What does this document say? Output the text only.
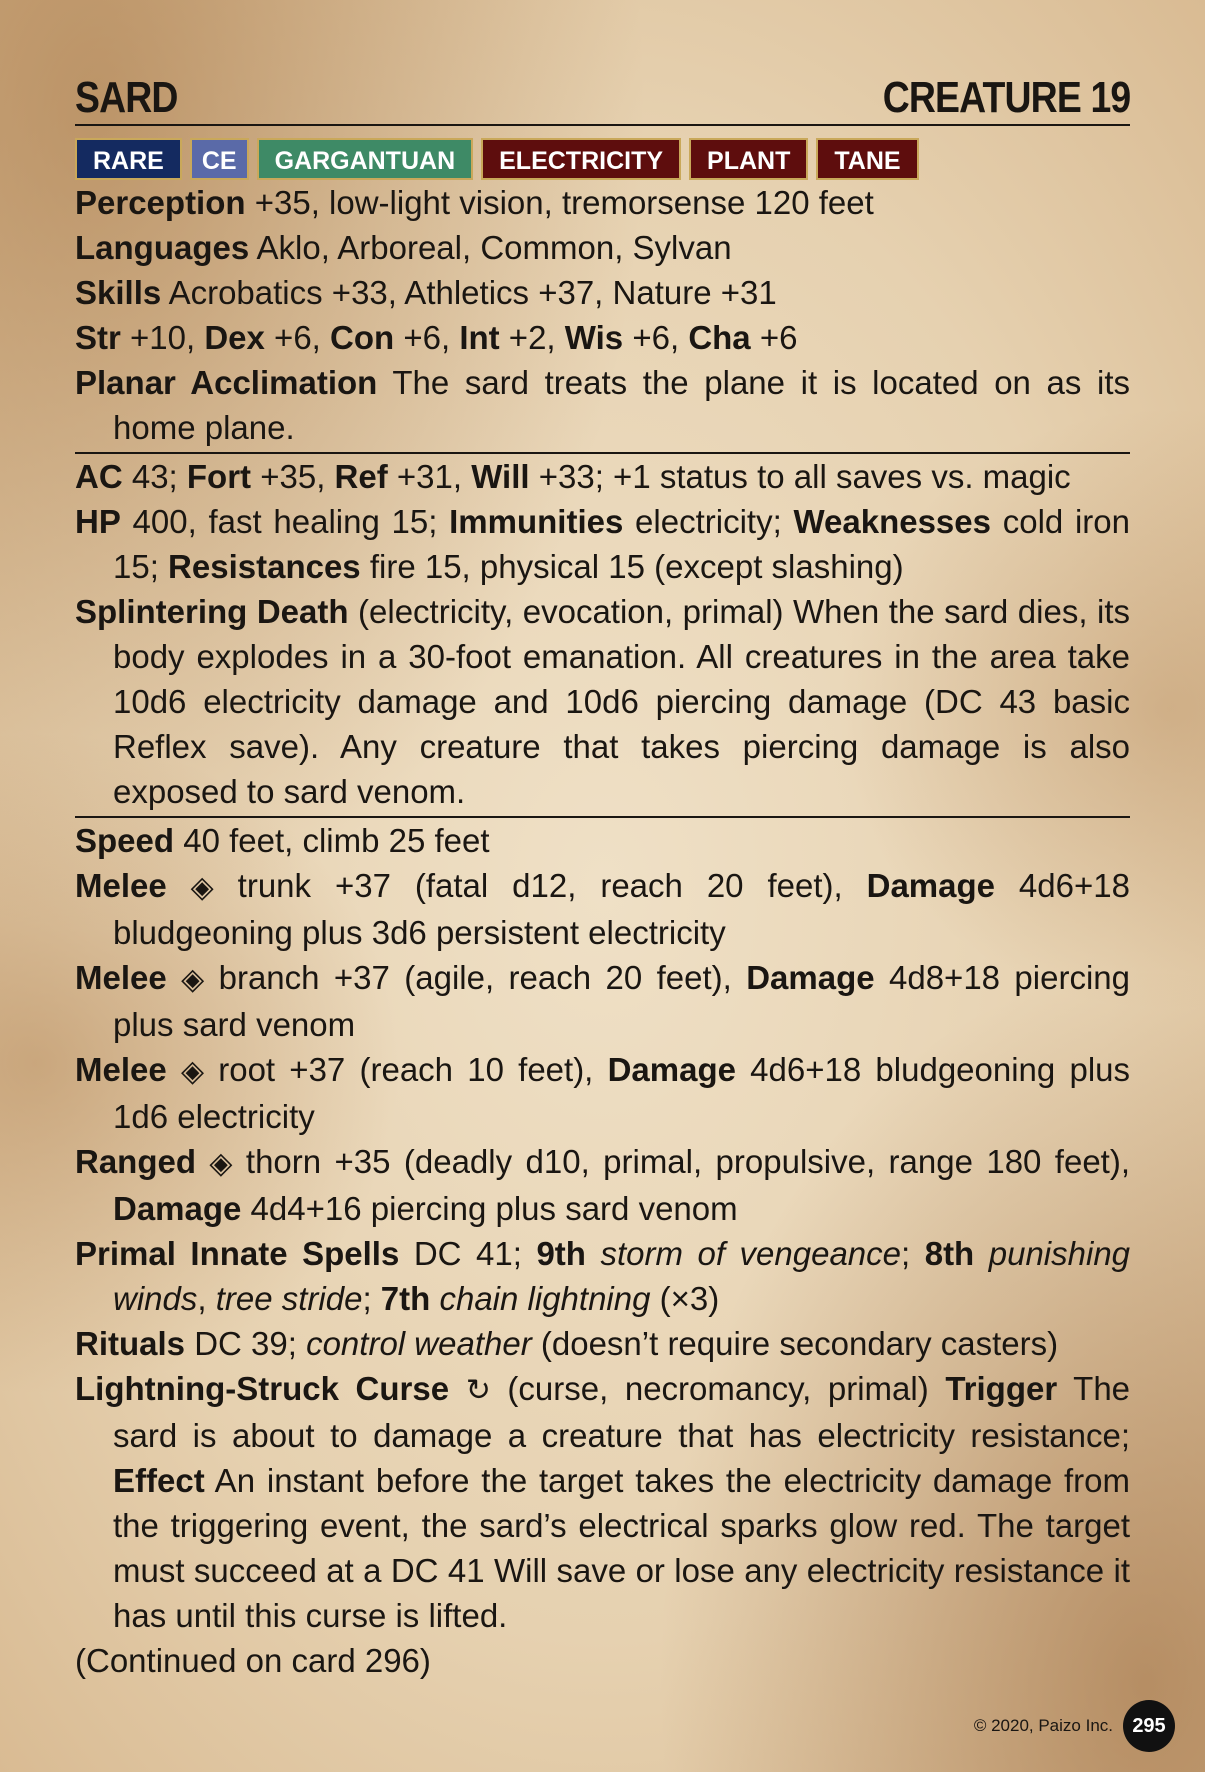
SARD	CREATURE 19
RARE	CE	GARGANTUAN	ELECTRICITY	PLANT	TANE
Perception +35, low-light vision, tremorsense 120 feet
Languages Aklo, Arboreal, Common, Sylvan
Skills Acrobatics +33, Athletics +37, Nature +31
Str +10, Dex +6, Con +6, Int +2, Wis +6, Cha +6
Planar Acclimation The sard treats the plane it is located on as its home plane.
AC 43; Fort +35, Ref +31, Will +33; +1 status to all saves vs. magic
HP 400, fast healing 15; Immunities electricity; Weaknesses cold iron 15; Resistances fire 15, physical 15 (except slashing)
Splintering Death (electricity, evocation, primal) When the sard dies, its body explodes in a 30-foot emanation. All creatures in the area take 10d6 electricity damage and 10d6 piercing damage (DC 43 basic Reflex save). Any creature that takes piercing damage is also exposed to sard venom.
Speed 40 feet, climb 25 feet
Melee ◈ trunk +37 (fatal d12, reach 20 feet), Damage 4d6+18 bludgeoning plus 3d6 persistent electricity
Melee ◈ branch +37 (agile, reach 20 feet), Damage 4d8+18 piercing plus sard venom
Melee ◈ root +37 (reach 10 feet), Damage 4d6+18 bludgeoning plus 1d6 electricity
Ranged ◈ thorn +35 (deadly d10, primal, propulsive, range 180 feet), Damage 4d4+16 piercing plus sard venom
Primal Innate Spells DC 41; 9th storm of vengeance; 8th punishing winds, tree stride; 7th chain lightning (×3)
Rituals DC 39; control weather (doesn’t require secondary casters)
Lightning-Struck Curse ↻ (curse, necromancy, primal) Trigger The sard is about to damage a creature that has electricity resistance; Effect An instant before the target takes the electricity damage from the triggering event, the sard’s electrical sparks glow red. The target must succeed at a DC 41 Will save or lose any electricity resistance it has until this curse is lifted.
(Continued on card 296)
© 2020, Paizo Inc. 295
